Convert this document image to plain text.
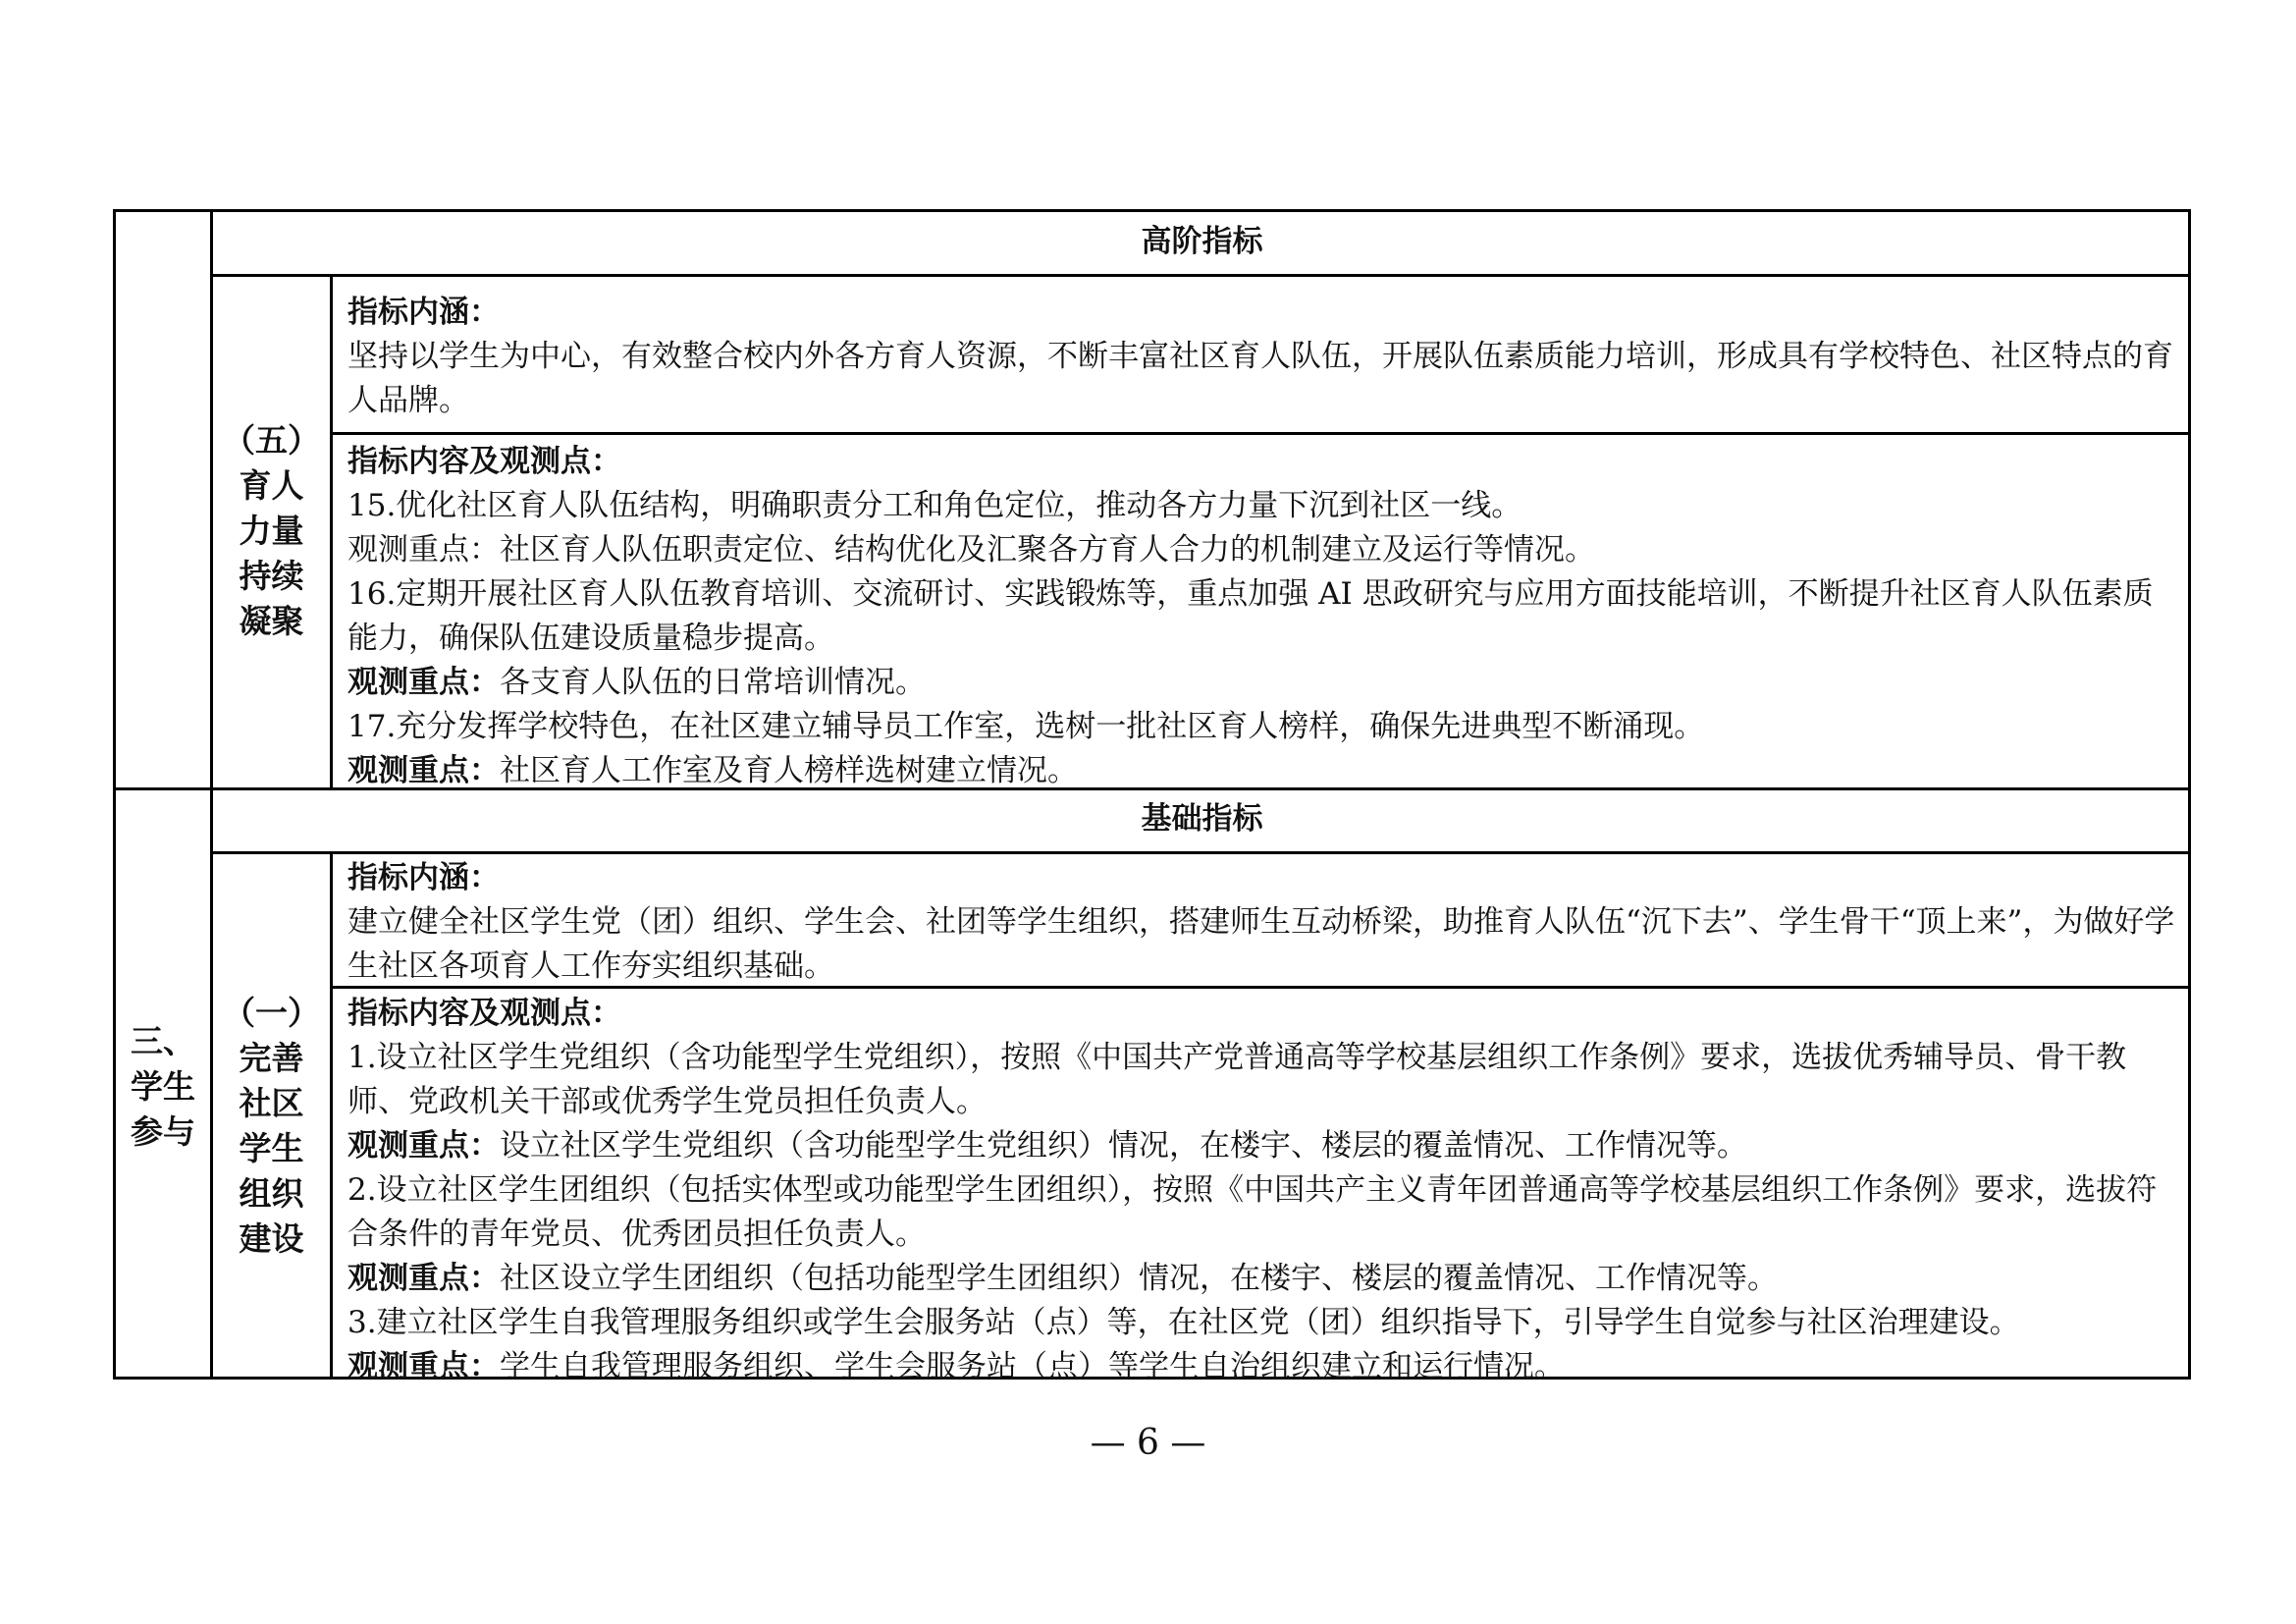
高阶指标
（五）
育人
力量
持续
凝聚
指标内涵：
坚持以学生为中心，有效整合校内外各方育人资源，不断丰富社区育人队伍，开展队伍素质能力培训，形成具有学校特色、社区特点的育人品牌。
指标内容及观测点：
15.优化社区育人队伍结构，明确职责分工和角色定位，推动各方力量下沉到社区一线。
观测重点：社区育人队伍职责定位、结构优化及汇聚各方育人合力的机制建立及运行等情况。
16.定期开展社区育人队伍教育培训、交流研讨、实践锻炼等，重点加强 AI 思政研究与应用方面技能培训，不断提升社区育人队伍素质能力，确保队伍建设质量稳步提高。
观测重点：各支育人队伍的日常培训情况。
17.充分发挥学校特色，在社区建立辅导员工作室，选树一批社区育人榜样，确保先进典型不断涌现。
观测重点：社区育人工作室及育人榜样选树建立情况。
三、
学生
参与
基础指标
（一）
完善
社区
学生
组织
建设
指标内涵：
建立健全社区学生党（团）组织、学生会、社团等学生组织，搭建师生互动桥梁，助推育人队伍“沉下去”、学生骨干“顶上来”，为做好学生社区各项育人工作夯实组织基础。
指标内容及观测点：
1.设立社区学生党组织（含功能型学生党组织），按照《中国共产党普通高等学校基层组织工作条例》要求，选拔优秀辅导员、骨干教师、党政机关干部或优秀学生党员担任负责人。
观测重点：设立社区学生党组织（含功能型学生党组织）情况，在楼宇、楼层的覆盖情况、工作情况等。
2.设立社区学生团组织（包括实体型或功能型学生团组织），按照《中国共产主义青年团普通高等学校基层组织工作条例》要求，选拔符合条件的青年党员、优秀团员担任负责人。
观测重点：社区设立学生团组织（包括功能型学生团组织）情况，在楼宇、楼层的覆盖情况、工作情况等。
3.建立社区学生自我管理服务组织或学生会服务站（点）等，在社区党（团）组织指导下，引导学生自觉参与社区治理建设。
观测重点：学生自我管理服务组织、学生会服务站（点）等学生自治组织建立和运行情况。
— 6 —
